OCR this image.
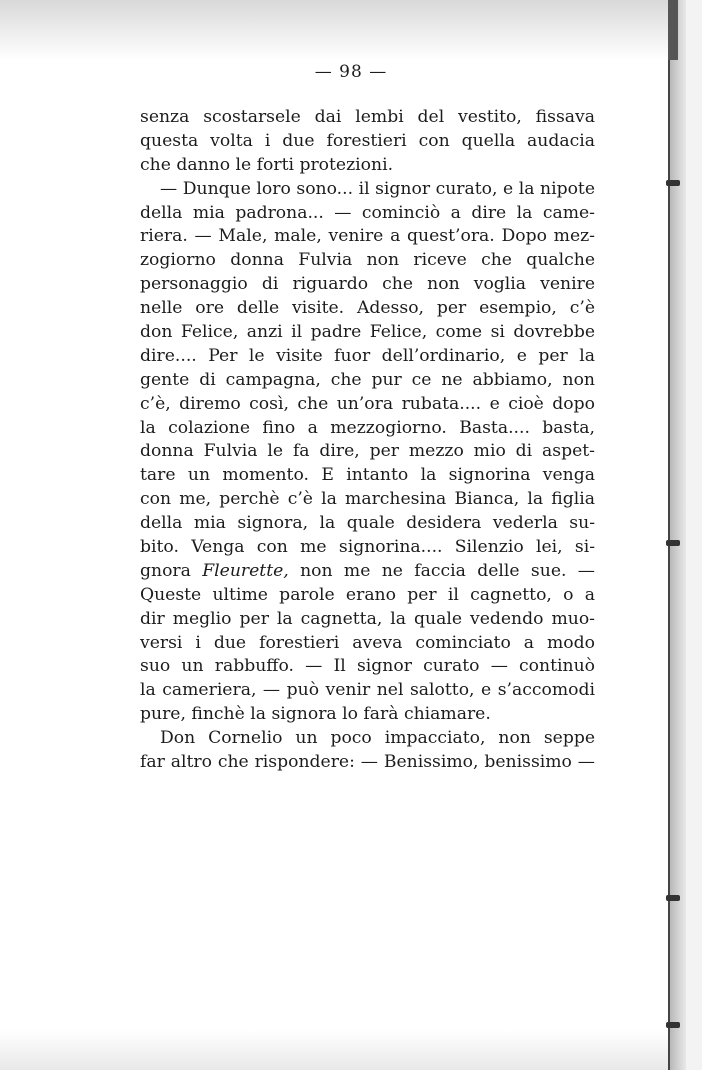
— 98 —
senza scostarsele dai lembi del vestito, fissava
questa volta i due forestieri con quella audacia
che danno le forti protezioni.
— Dunque loro sono... il signor curato, e la nipote
della mia padrona... — cominciò a dire la came-
riera. — Male, male, venire a quest’ora. Dopo mez-
zogiorno donna Fulvia non riceve che qualche
personaggio di riguardo che non voglia venire
nelle ore delle visite. Adesso, per esempio, c’è
don Felice, anzi il padre Felice, come si dovrebbe
dire.... Per le visite fuor dell’ordinario, e per la
gente di campagna, che pur ce ne abbiamo, non
c’è, diremo così, che un’ora rubata.... e cioè dopo
la colazione fino a mezzogiorno. Basta.... basta,
donna Fulvia le fa dire, per mezzo mio di aspet-
tare un momento. E intanto la signorina venga
con me, perchè c’è la marchesina Bianca, la figlia
della mia signora, la quale desidera vederla su-
bito. Venga con me signorina.... Silenzio lei, si-
gnora Fleurette, non me ne faccia delle sue. —
Queste ultime parole erano per il cagnetto, o a
dir meglio per la cagnetta, la quale vedendo muo-
versi i due forestieri aveva cominciato a modo
suo un rabbuffo. — Il signor curato — continuò
la cameriera, — può venir nel salotto, e s’accomodi
pure, finchè la signora lo farà chiamare.
Don Cornelio un poco impacciato, non seppe
far altro che rispondere: — Benissimo, benissimo —
